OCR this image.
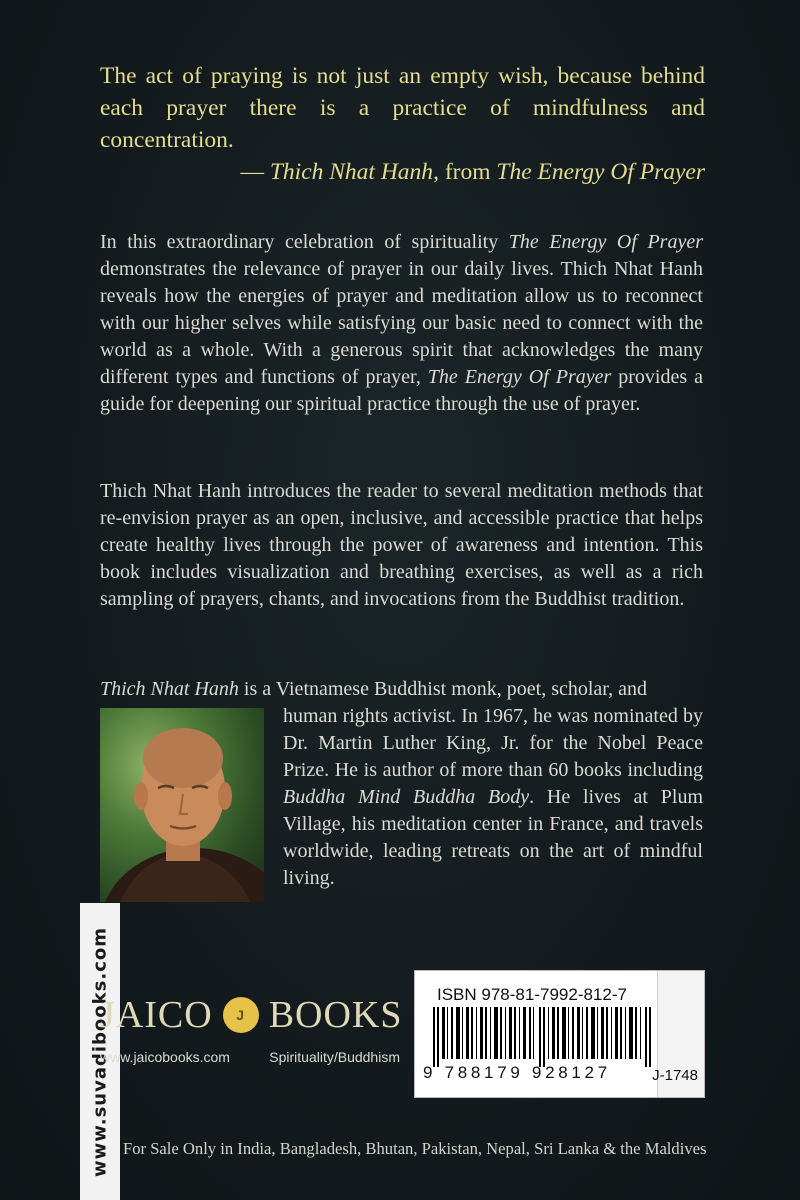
The act of praying is not just an empty wish, because behind each prayer there is a practice of mindfulness and concentration.
— Thich Nhat Hanh, from The Energy Of Prayer
In this extraordinary celebration of spirituality The Energy Of Prayer demonstrates the relevance of prayer in our daily lives. Thich Nhat Hanh reveals how the energies of prayer and meditation allow us to reconnect with our higher selves while satisfying our basic need to connect with the world as a whole. With a generous spirit that acknowledges the many different types and functions of prayer, The Energy Of Prayer provides a guide for deepening our spiritual practice through the use of prayer.
Thich Nhat Hanh introduces the reader to several meditation methods that re-envision prayer as an open, inclusive, and accessible practice that helps create healthy lives through the power of awareness and intention. This book includes visualization and breathing exercises, as well as a rich sampling of prayers, chants, and invocations from the Buddhist tradition.
Thich Nhat Hanh is a Vietnamese Buddhist monk, poet, scholar, and
human rights activist. In 1967, he was nominated by Dr. Martin Luther King, Jr. for the Nobel Peace Prize. He is author of more than 60 books including Buddha Mind Buddha Body. He lives at Plum Village, his meditation center in France, and travels worldwide, leading retreats on the art of mindful living.
www.suvadibooks.com
JAICO
J BOOKS
www.jaicobooks.com	Spirituality/Buddhism
ISBN 978-81-7992-812-7
9 788179 928127	J-1748
For Sale Only in India, Bangladesh, Bhutan, Pakistan, Nepal, Sri Lanka & the Maldives
